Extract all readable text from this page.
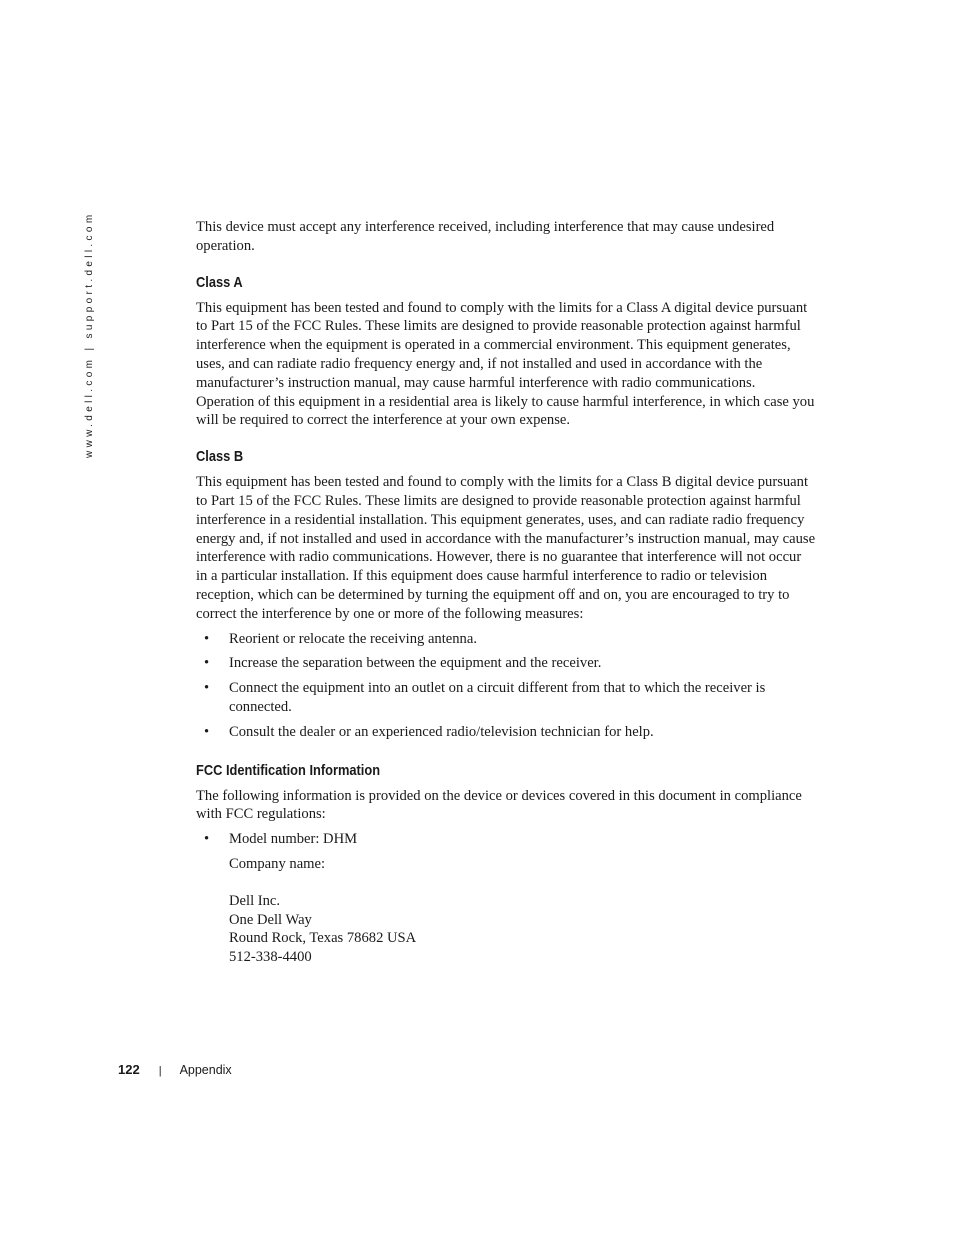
www.dell.com | support.dell.com	This device must accept any interference received, including interference that may cause undesired operation.

Class A

This equipment has been tested and found to comply with the limits for a Class A digital device pursuant to Part 15 of the FCC Rules. These limits are designed to provide reasonable protection against harmful interference when the equipment is operated in a commercial environment. This equipment generates, uses, and can radiate radio frequency energy and, if not installed and used in accordance with the manufacturer’s instruction manual, may cause harmful interference with radio communications. Operation of this equipment in a residential area is likely to cause harmful interference, in which case you will be required to correct the interference at your own expense.

Class B

This equipment has been tested and found to comply with the limits for a Class B digital device pursuant to Part 15 of the FCC Rules. These limits are designed to provide reasonable protection against harmful interference in a residential installation. This equipment generates, uses, and can radiate radio frequency energy and, if not installed and used in accordance with the manufacturer’s instruction manual, may cause interference with radio communications. However, there is no guarantee that interference will not occur in a particular installation. If this equipment does cause harmful interference to radio or television reception, which can be determined by turning the equipment off and on, you are encouraged to try to correct the interference by one or more of the following measures:

• Reorient or relocate the receiving antenna.
• Increase the separation between the equipment and the receiver.
• Connect the equipment into an outlet on a circuit different from that to which the receiver is connected.
• Consult the dealer or an experienced radio/television technician for help.
FCC Identification Information

The following information is provided on the device or devices covered in this document in compliance with FCC regulations:

• Model number: DHM
Company name:
Dell Inc.
One Dell Way
Round Rock, Texas 78682 USA
512-338-4400
122 | Appendix
